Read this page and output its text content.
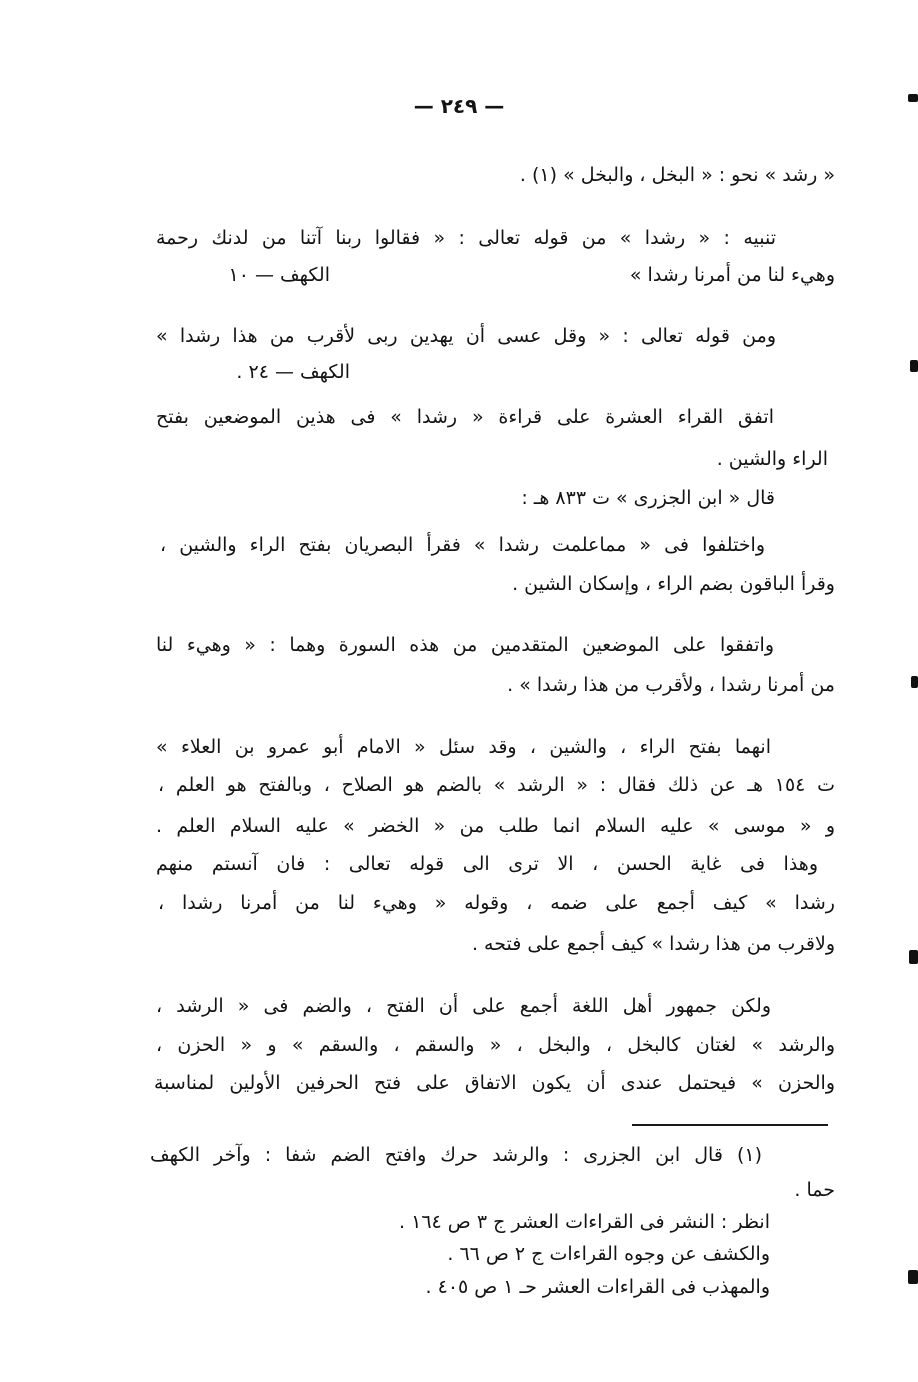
— ٢٤٩ —
« رشد » نحو : « البخل ، والبخل » (١) .
تنبيه : « رشدا » من قوله تعالى : « فقالوا ربنا آتنا من لدنك رحمة
وهيء لنا من أمرنا رشدا »
الكهف — ١٠
ومن قوله تعالى : « وقل عسى أن يهدين ربى لأقرب من هذا رشدا »
الكهف — ٢٤ .
اتفق القراء العشرة على قراءة « رشدا » فى هذين الموضعين بفتح
الراء والشين .
قال « ابن الجزرى » ت ٨٣٣ هـ :
واختلفوا فى « مماعلمت رشدا » فقرأ البصريان بفتح الراء والشين ،
وقرأ الباقون بضم الراء ، وإسكان الشين .
واتفقوا على الموضعين المتقدمين من هذه السورة وهما : « وهيء لنا
من أمرنا رشدا ، ولأقرب من هذا رشدا » .
انهما بفتح الراء ، والشين ، وقد سئل « الامام أبو عمرو بن العلاء »
ت ١٥٤ هـ عن ذلك فقال : « الرشد » بالضم هو الصلاح ، وبالفتح هو العلم ،
و « موسى » عليه السلام انما طلب من « الخضر » عليه السلام العلم .
وهذا فى غاية الحسن ، الا ترى الى قوله تعالى : فان آنستم منهم
رشدا » كيف أجمع على ضمه ، وقوله « وهيء لنا من أمرنا رشدا ،
ولاقرب من هذا رشدا » كيف أجمع على فتحه .
ولكن جمهور أهل اللغة أجمع على أن الفتح ، والضم فى « الرشد ،
والرشد » لغتان كالبخل ، والبخل ، « والسقم ، والسقم » و « الحزن ،
والحزن » فيحتمل عندى أن يكون الاتفاق على فتح الحرفين الأولين لمناسبة
(١) قال ابن الجزرى : والرشد حرك وافتح الضم شفا : وآخر الكهف
حما .
انظر : النشر فى القراءات العشر ج ٣ ص ١٦٤ .
والكشف عن وجوه القراءات ج ٢ ص ٦٦ .
والمهذب فى القراءات العشر حـ ١ ص ٤٠٥ .
